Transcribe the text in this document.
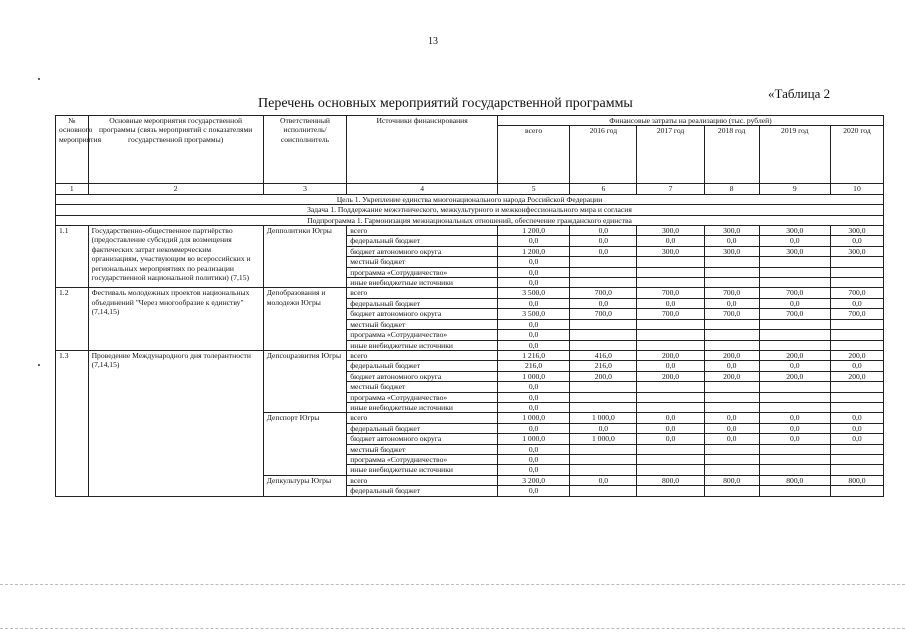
13
«Таблица 2
Перечень основных мероприятий государственной программы
№ основного мероприятия	Основные мероприятия государственной программы (связь мероприятий с показателями государственной программы)	Ответственный исполнитель/ соисполнитель	Источники финансирования	Финансовые затраты на реализацию (тыс. рублей)					
				всего	2016 год	2017 год	2018 год	2019 год	2020 год
1	2	3	4	5	6	7	8	9	10
Цель 1. Укрепление единства многонационального народа Российской Федерации									
Задача 1. Поддержание межэтнического, межкультурного и межконфессионального мира и согласия									
Подпрограмма 1. Гармонизация межнациональных отношений, обеспечение гражданского единства									
1.1	Государственно-общественное партнёрство (предоставление субсидий для возмещения фактических затрат некоммерческим организациям, участвующим во всероссийских и региональных мероприятиях по реализации государственной национальной политики) (7,15)	Депполитики Югры	всего	1 200,0	0,0	300,0	300,0	300,0	300,0
			федеральный бюджет	0,0	0,0	0,0	0,0	0,0	0,0
			бюджет автономного округа	1 200,0	0,0	300,0	300,0	300,0	300,0
			местный бюджет	0,0					
			программа «Сотрудничество»	0,0					
			иные внебюджетные источники	0,0					
1.2	Фестиваль молодежных проектов национальных объединений "Через многообразие к единству" (7,14,15)	Депобразования и молодежи Югры	всего	3 500,0	700,0	700,0	700,0	700,0	700,0
			федеральный бюджет	0,0	0,0	0,0	0,0	0,0	0,0
			бюджет автономного округа	3 500,0	700,0	700,0	700,0	700,0	700,0
			местный бюджет	0,0					
			программа «Сотрудничество»	0,0					
			иные внебюджетные источники	0,0					
1.3	Проведение Международного дня толерантности (7,14,15)	Депсоцразвития Югры	всего	1 216,0	416,0	200,0	200,0	200,0	200,0
			федеральный бюджет	216,0	216,0	0,0	0,0	0,0	0,0
			бюджет автономного округа	1 000,0	200,0	200,0	200,0	200,0	200,0
			местный бюджет	0,0					
			программа «Сотрудничество»	0,0					
			иные внебюджетные источники	0,0					
		Депспорт Югры	всего	1 000,0	1 000,0	0,0	0,0	0,0	0,0
			федеральный бюджет	0,0	0,0	0,0	0,0	0,0	0,0
			бюджет автономного округа	1 000,0	1 000,0	0,0	0,0	0,0	0,0
			местный бюджет	0,0					
			программа «Сотрудничество»	0,0					
			иные внебюджетные источники	0,0					
		Депкультуры Югры	всего	3 200,0	0,0	800,0	800,0	800,0	800,0
			федеральный бюджет	0,0					
